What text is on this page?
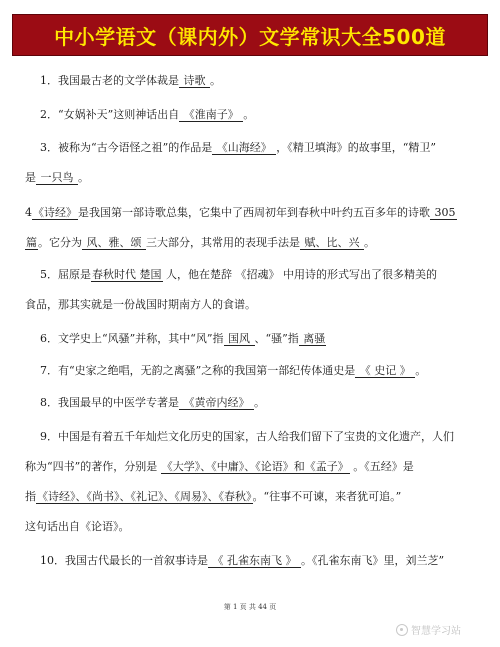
中小学语文（课内外）文学常识大全500道
1．我国最古老的文学体裁是 诗歌 。
2．“女娲补天”这则神话出自 《淮南子》 。
3．被称为“古今语怪之祖”的作品是 《山海经》 ，《精卫填海》的故事里，“精卫”
是 一只鸟 。
4《诗经》是我国第一部诗歌总集，它集中了西周初年到春秋中叶约五百多年的诗歌 305
篇。它分为 风、雅、颂 三大部分，其常用的表现手法是 赋、比、兴 。
5．屈原是春秋时代 楚国 人，他在楚辞 《招魂》 中用诗的形式写出了很多精美的
食品，那其实就是一份战国时期南方人的食谱。
6．文学史上“风骚”并称，其中“风”指 国风 、“骚”指 离骚
7．有“史家之绝唱，无韵之离骚”之称的我国第一部纪传体通史是 《 史记 》 。
8．我国最早的中医学专著是 《黄帝内经》 。
9．中国是有着五千年灿烂文化历史的国家，古人给我们留下了宝贵的文化遗产，人们
称为“四书”的著作，分别是 《大学》、《中庸》、《论语》和《孟子》 。《五经》是
指《诗经》、《尚书》、《礼记》、《周易》、《春秋》。“往事不可谏，来者犹可追。”
这句话出自《论语》。
10．我国古代最长的一首叙事诗是 《 孔雀东南飞 》 。《孔雀东南飞》里，刘兰芝”
第 1 页 共 44 页
智慧学习站
